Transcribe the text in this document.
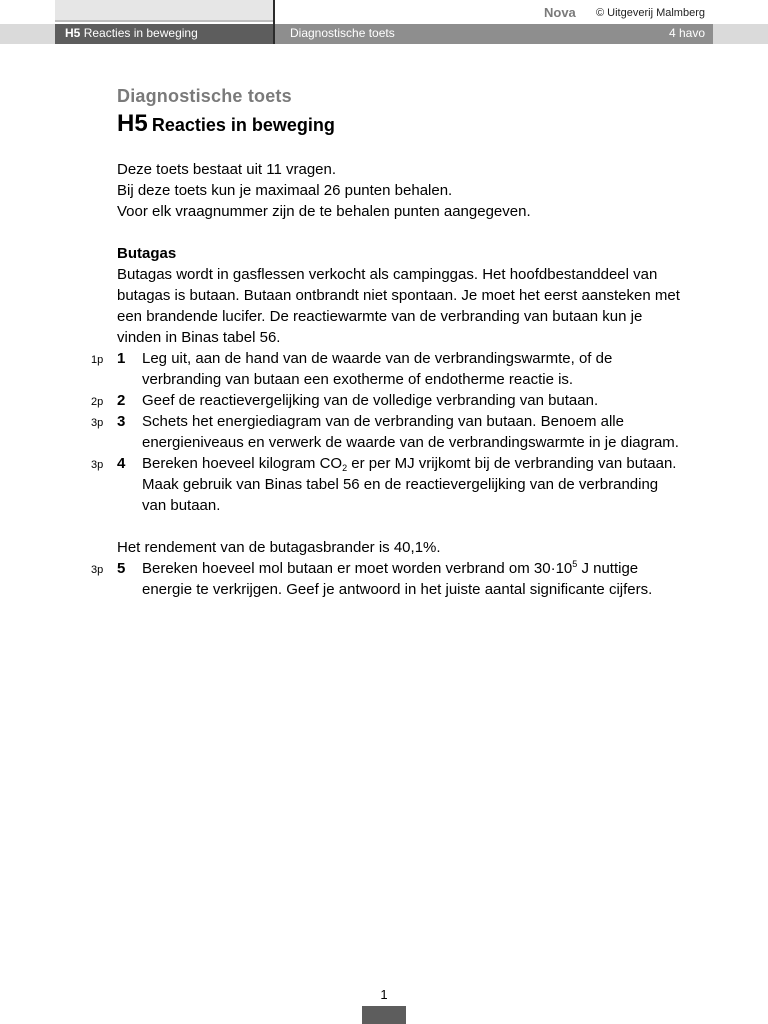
Nova © Uitgeverij Malmberg
H5 Reacties in beweging	Diagnostische toets	4 havo
Diagnostische toets
H5 Reacties in beweging
Deze toets bestaat uit 11 vragen.
Bij deze toets kun je maximaal 26 punten behalen.
Voor elk vraagnummer zijn de te behalen punten aangegeven.
Butagas
Butagas wordt in gasflessen verkocht als campinggas. Het hoofdbestanddeel van butagas is butaan. Butaan ontbrandt niet spontaan. Je moet het eerst aansteken met een brandende lucifer. De reactiewarmte van de verbranding van butaan kun je vinden in Binas tabel 56.
1p 1 Leg uit, aan de hand van de waarde van de verbrandingswarmte, of de verbranding van butaan een exotherme of endotherme reactie is.
2p 2 Geef de reactievergelijking van de volledige verbranding van butaan.
3p 3 Schets het energiediagram van de verbranding van butaan. Benoem alle energieniveaus en verwerk de waarde van de verbrandingswarmte in je diagram.
3p 4 Bereken hoeveel kilogram $CO_2$ er per MJ vrijkomt bij de verbranding van butaan. Maak gebruik van Binas tabel 56 en de reactievergelijking van de verbranding van butaan.
Het rendement van de butagasbrander is 40,1%.
3p 5 Bereken hoeveel mol butaan er moet worden verbrand om $30\cdot 10^5$ J nuttige energie te verkrijgen. Geef je antwoord in het juiste aantal significante cijfers.
1
